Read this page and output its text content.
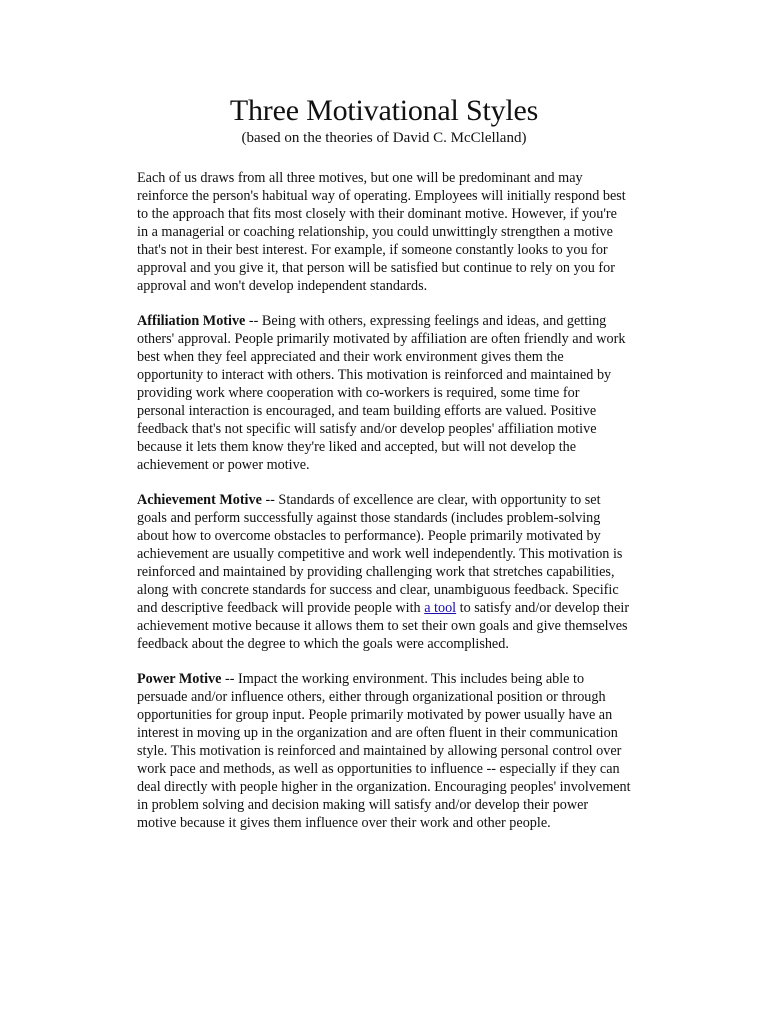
Three Motivational Styles

(based on the theories of David C. McClelland)

Each of us draws from all three motives, but one will be predominant and may reinforce the person's habitual way of operating. Employees will initially respond best to the approach that fits most closely with their dominant motive. However, if you're in a managerial or coaching relationship, you could unwittingly strengthen a motive that's not in their best interest. For example, if someone constantly looks to you for approval and you give it, that person will be satisfied but continue to rely on you for approval and won't develop independent standards.

Affiliation Motive -- Being with others, expressing feelings and ideas, and getting others' approval. People primarily motivated by affiliation are often friendly and work best when they feel appreciated and their work environment gives them the opportunity to interact with others. This motivation is reinforced and maintained by providing work where cooperation with co-workers is required, some time for personal interaction is encouraged, and team building efforts are valued. Positive feedback that's not specific will satisfy and/or develop peoples' affiliation motive because it lets them know they're liked and accepted, but will not develop the achievement or power motive.

Achievement Motive -- Standards of excellence are clear, with opportunity to set goals and perform successfully against those standards (includes problem-solving about how to overcome obstacles to performance). People primarily motivated by achievement are usually competitive and work well independently. This motivation is reinforced and maintained by providing challenging work that stretches capabilities, along with concrete standards for success and clear, unambiguous feedback. Specific and descriptive feedback will provide people with a tool to satisfy and/or develop their achievement motive because it allows them to set their own goals and give themselves feedback about the degree to which the goals were accomplished.

Power Motive -- Impact the working environment. This includes being able to persuade and/or influence others, either through organizational position or through opportunities for group input. People primarily motivated by power usually have an interest in moving up in the organization and are often fluent in their communication style. This motivation is reinforced and maintained by allowing personal control over work pace and methods, as well as opportunities to influence -- especially if they can deal directly with people higher in the organization. Encouraging peoples' involvement in problem solving and decision making will satisfy and/or develop their power motive because it gives them influence over their work and other people.
